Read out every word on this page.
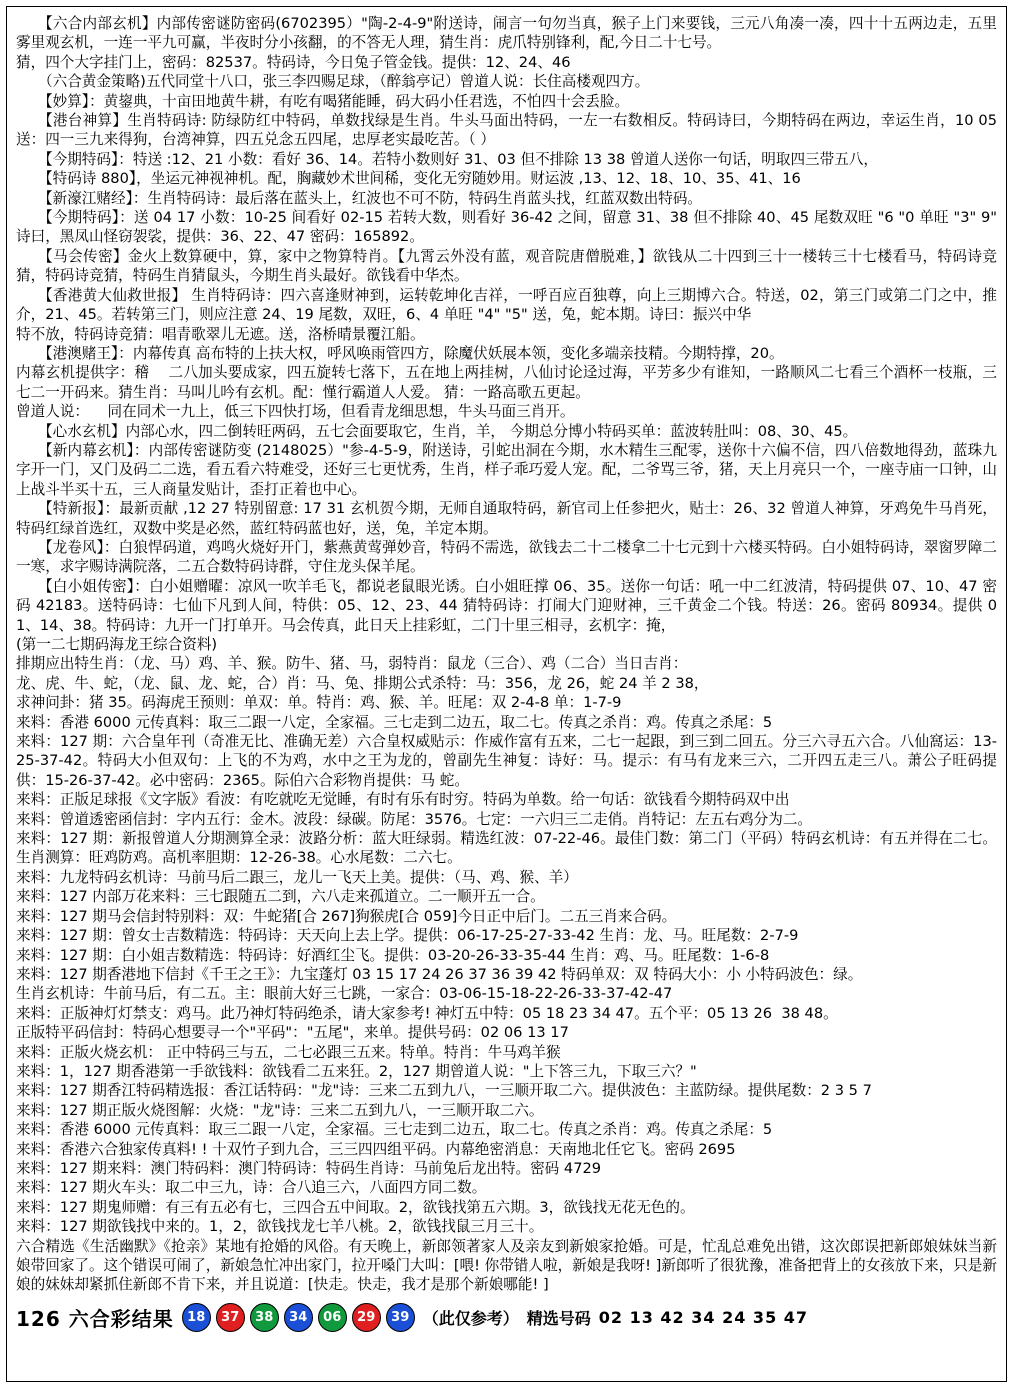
【六合内部玄机】内部传密谜防密码(6702395）"陶-2-4-9"附送诗，闹言一句勿当真，猴子上门来要钱，三元八角凑一凑，四十十五两边走，五里雾里观玄机，一连一平九可赢，半夜时分小孩翻，的不答无人理，猜生肖：虎爪特别锋利，配,今日二十七号。
猜，四个大字挂门上，密码：82537。特码诗，今日兔子管金钱。提供：12、24、46
（六合黄金策略)五代同堂十八口，张三李四赐足球，（醉翁亭记）曾道人说：长住高楼观四方。
【妙算】：黄鋆典，十亩田地黄牛耕，有吃有喝猪能睡，码大码小任君选，不怕四十会丢脸。
【港台神算】生肖特码诗: 防绿防红中特码，单数找绿是生肖。牛头马面出特码，一左一右数相反。特码诗曰，今期特码在两边，幸运生肖，10 05 送：四一三九来得狗，台湾神算，四五兑念五四尾，忠厚老实最吃苦。（ ）
【今期特码】：特送 :12、21 小数：看好 36、14。若特小数则好 31、03 但不排除 13 38 曾道人送你一句话，明取四三带五八，
【特码诗 880】，坐运元神视神机。配，胸藏妙术世间稀，变化无穷随妙用。财运波 ,13、12、18、10、35、41、16
【新濠江赌经】：生肖特码诗：最后落在蓝头上，红波也不可不防，特码生肖蓝头找，红蓝双数出特码。
【今期特码】：送 04 17 小数：10-25 间看好 02-15 若转大数，则看好 36-42 之间，留意 31、38 但不排除 40、45 尾数双旺 "6 "0 单旺 "3" 9" 诗曰，黑凤山怪窃袈裟，提供：36、22、47 密码：165892。
【马会传密】金火上数算硬中，算，家中之物算特肖。【九霄云外没有蓝，观音院唐僧脱难，】欲钱从二十四到三十一楼转三十七楼看马，特码诗竞猜，特码诗竞猜，特码生肖猜鼠头，今期生肖头最好。欲钱看中华杰。
【香港黄大仙救世报】 生肖特码诗：四六喜逢财神到，运转乾坤化吉祥，一呼百应百独尊，向上三期博六合。特送，02，第三门或第二门之中，推介，21、45。若转第三门，则应注意 24、19 尾数，双旺，6、4 单旺 "4" "5" 送，兔，蛇本期。诗曰：振兴中华
特不放，特码诗竞猜：唱青歌翠儿无遮。送，洛桥晴景覆江船。
【港澳赌王】：内幕传真 高布特的上扶大权，呼风唤雨管四方，除魔伏妖展本领，变化多端亲技精。今期特撑，20。
内幕玄机提供字：稽    二八加头要成家，四五旋转七落下，五在地上两挂树，八仙讨论迳过海，平芳多少有谁知，一路顺风二七看三个酒杯一枝瓶，三七二一开码来。猜生肖：马叫儿吟有玄机。配：慬行霸道人人爱。 猜：一路高歌五更起。
曾道人说：    同在同术一九上，低三下四快打场，但看青龙细思想，牛头马面三肖开。
【心水玄机】内部心水，四二倒转旺两码，五七会面要取它，生肖，羊， 今期总分博小特码买单：蓝波转肚叫：08、30、45。
【新内幕玄机】：内部传密谜防变 (2148025）"参-4-5-9，附送诗，引蛇出洞在今期，水木精生三配零，送你十六偏不信，四八倍数地得劲，蓝珠九字开一门，又门及码二二选，看五看六特难受，还好三七更忧秀，生肖，样子乖巧爱人宠。配，二爷骂三爷，猪，天上月亮只一个，一座寺庙一口钟，山上战斗半买十五，三人商量发贴计，歪打正着也中心。
【特新报】：最新贡献 ,12 27 特别留意: 17 31 玄机贺今期，无师自通取特码，新官司上任参把火，贴士：26、32 曾道人神算，牙鸡免牛马肖死，特码红绿首选红，双数中奖是必然，蓝红特码蓝也好，送，兔，羊定本期。
【龙卷风】：白狼悍码道，鸡鸣火烧好开门，紫燕黄莺弹妙音，特码不需选，欲钱去二十二楼拿二十七元到十六楼买特码。白小姐特码诗，翠窗罗障二一寒，求字赐诗满院落，二五合数特码诗群，守住龙头保羊尾。
【白小姐传密】：白小姐赠曜：凉风一吹羊毛飞，都说老鼠眼光诱。白小姐旺撑 06、35。送你一句话：吼一中二红波清，特码提供 07、10、47 密码 42183。送特码诗：七仙下凡到人间，特供：05、12、23、44 猜特码诗：打闹大门迎财神，三千黄金二个钱。特送：26。密码 80934。提供 01、14、38。特码诗：九开一门打单开。马会传真，此日天上挂彩虹，二门十里三相寻，玄机字：掩，
(第一二七期码海龙王综合资料)
排期应出特生肖：（龙、马）鸡、羊、猴。防牛、猪、马，弱特肖：鼠龙（三合）、鸡（二合）当日吉肖：
龙、虎、牛、蛇，（龙、鼠、龙、蛇，合）肖：马、兔、排期公式杀特：马：356，龙 26，蛇 24 羊 2 38，
求神问卦：猪 35。码海虎王预则：单双：单。特肖：鸡、猴、羊。旺尾：双 2-4-8 单：1-7-9
来料：香港 6000 元传真料：取三二跟一八定，全家福。三七走到二边五，取二七。传真之杀肖：鸡。传真之杀尾：5
来料：127 期：六合皇年刊（奇准无比、准确无差）六合皇权威贴示：作威作富有五来，二七一起跟，到三到二回五。分三六寻五六合。八仙窩运：13-25-37-42。特码大小但双句：上飞的不为鸡，水中之王为龙的，曾副先生神复：诗好：马。提示：有马有龙来三六，二开四五走三八。萧公子旺码提供：15-26-37-42。必中密码：2365。际伯六合彩物肖提供：马 蛇。
来料：正版足球报《文字版》看波：有吃就吃无觉睡，有时有乐有时穷。特码为单数。给一句话：欲钱看今期特码双中出
来料：曾道透密函信封：字内五行：金木。波段：绿碳。防尾：3576。七定：一六归三二走俏。肖特记：左五右鸡分为二。
来料：127 期：新报曾道人分期测算全录：波路分析：蓝大旺绿弱。精选红波：07-22-46。最佳门数：第二门（平码）特码玄机诗：有五并得在二七。生肖测算：旺鸡防鸡。高机率胆期：12-26-38。心水尾数：二六七。
来料：九龙特码玄机诗：马前马后二跟三，龙儿一飞天上美。提供：（马、鸡、猴、羊）
来料：127 内部万花来料：三七跟随五二到，六八走来孤道立。二一顺开五一合。
来料：127 期马会信封特别料：双：牛蛇猪[合 267]狗猴虎[合 059]今日正中后门。二五三肖来合码。
来料：127 期：曾女士吉数精选：特码诗：天天向上去上学。提供：06-17-25-27-33-42 生肖：龙、马。旺尾数：2-7-9
来料：127 期：白小姐吉数精选：特码诗：好酒红尘飞。提供：03-20-26-33-35-44 生肖：鸡、马。旺尾数：1-6-8
来料：127 期香港地下信封《千王之王》：九宝蓬灯 03 15 17 24 26 37 36 39 42 特码单双：双 特码大小：小 小特码波色：绿。
生肖玄机诗：牛前马后，有二五。主：眼前大好三七跳，一家合：03-06-15-18-22-26-33-37-42-47
来料：正版神灯灯禁支：鸡马。此乃神灯特码绝杀，请大家参考! 神灯五中特：05 18 23 34 47。五个平：05 13 26  38 48。
正版特平码信封：特码心想要寻一个"平码"："五尾"，来单。提供号码：02 06 13 17
来料：正版火烧玄机： 正中特码三与五，二七必跟三五来。特单。特肖：牛马鸡羊猴
来料：1，127 期香港第一手欲钱料：欲钱看二五来狂。2，127 期曾道人说："上下答三九，下取三六？"
来料：127 期香江特码精选报：香江话特码："龙"诗：三来二五到九八，一三顺开取二六。提供波色：主蓝防绿。提供尾数：2 3 5 7
来料：127 期正版火烧图解：火烧："龙"诗：三来二五到九八，一三顺开取二六。
来料：香港 6000 元传真料：取三二跟一八定，全家福。三七走到二边五，取二七。传真之杀肖：鸡。传真之杀尾：5
来料：香港六合独家传真料! ! 十双竹子到九合，三三四四组平码。内幕绝密消息：天南地北任它飞。密码 2695
来料：127 期来料：澳门特码料：澳门特码诗：特码生肖诗：马前兔后龙出特。密码 4729
来料：127 期火车头：取二中三九，诗：合八追三六，八面四方同二数。
来料：127 期鬼师赠：有三有五必有七，三四合五中间取。2，欲钱找第五六期。3，欲钱找无花无色的。
来料：127 期欲钱找中来的。1，2，欲钱找龙七羊八桃。2，欲钱找鼠三月三十。
六合精选《生活幽默》《抢亲》某地有抢婚的风俗。有天晚上，新郎领著家人及亲友到新娘家抢婚。可是，忙乱总难免出错，这次郎误把新郎娘妹妹当新娘带回家了。这个错误可闹了，新娘急忙冲出家门，拉开嗓门大叫：[喂! 你带错人啦，新娘是我呀! ]新郎听了很犹豫，准备把背上的女孩放下来，只是新娘的妹妹却紧抓住新郎不肯下来，并且说道：[快走。快走，我才是那个新娘哪能! ]
126 六合彩结果	18	37	38	34	06	29	39 （此仅参考） 精选号码 02 13 42 34 24 35 47
